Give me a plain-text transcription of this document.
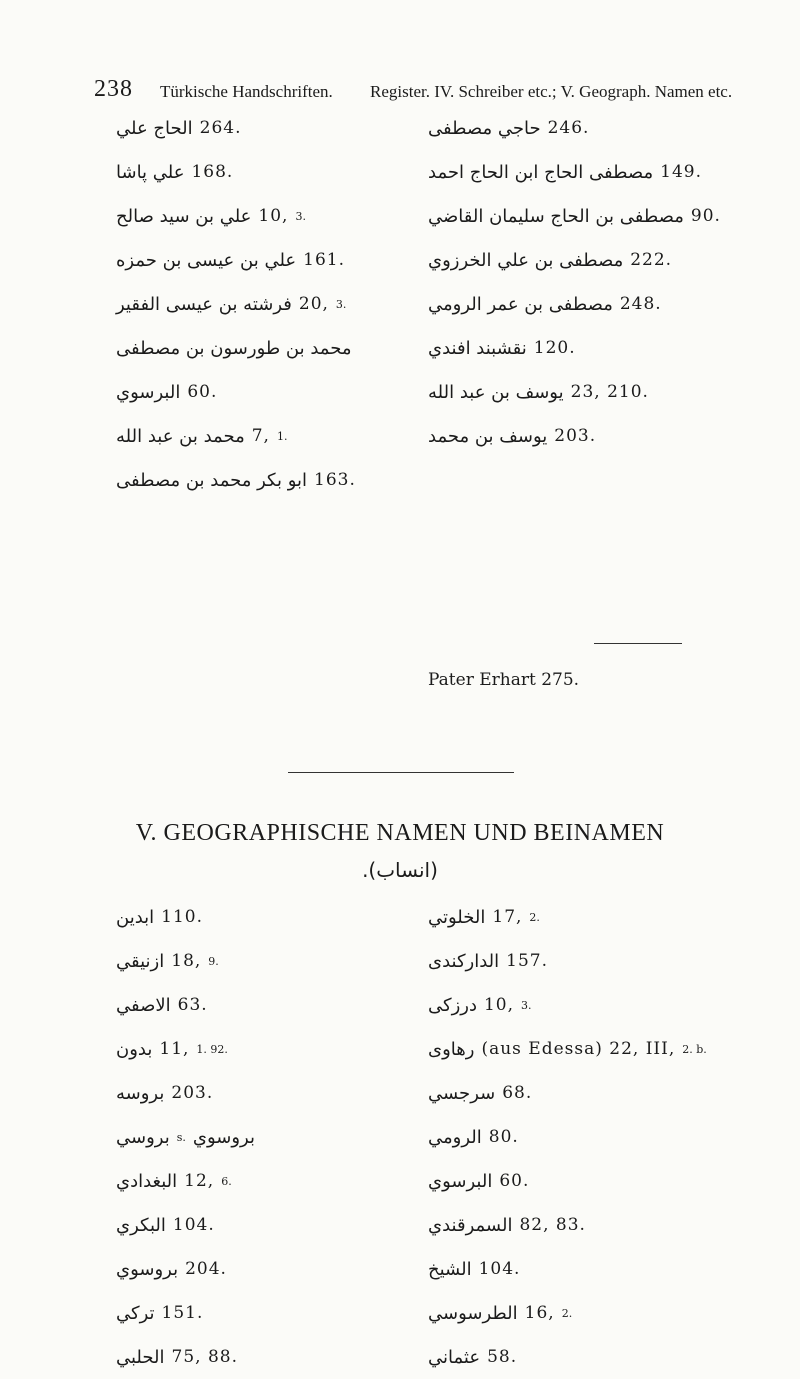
238 Türkische Handschriften. Register. IV. Schreiber etc.; V. Geograph. Namen etc.
الحاج علي 264.
علي پاشا 168.
علي بن سيد صالح 10, 3.
علي بن عيسى بن حمزه 161.
فرشته بن عيسى الفقير 20, 3.
محمد بن طورسون بن مصطفى
البرسوي 60.
محمد بن عبد الله 7, 1.
ابو بكر محمد بن مصطفى 163.
حاجي مصطفى 246.
مصطفى الحاج ابن الحاج احمد 149.
مصطفى بن الحاج سليمان القاضي 90.
مصطفى بن علي الخرزوي 222.
مصطفى بن عمر الرومي 248.
نقشبند افندي 120.
يوسف بن عبد الله 23, 210.
يوسف بن محمد 203.
Pater Erhart 275.
V. GEOGRAPHISCHE NAMEN UND BEINAMEN
(انساب).
ابدين 110.
ازنيقي 18, 9.
الاصفي 63.
بدون 11, 1. 92.
بروسه 203.
بروسي s. بروسوي
البغدادي 12, 6.
البكري 104.
بروسوي 204.
ترکي 151.
الحلبي 75, 88.
الخلوتي 17, 2.
الدارکندی 157.
درزکی 10, 3.
رهاوی (aus Edessa) 22, III, 2. b.
سرجسي 68.
الرومي 80.
البرسوي 60.
السمرقندي 82, 83.
الشيخ 104.
الطرسوسي 16, 2.
عثماني 58.
